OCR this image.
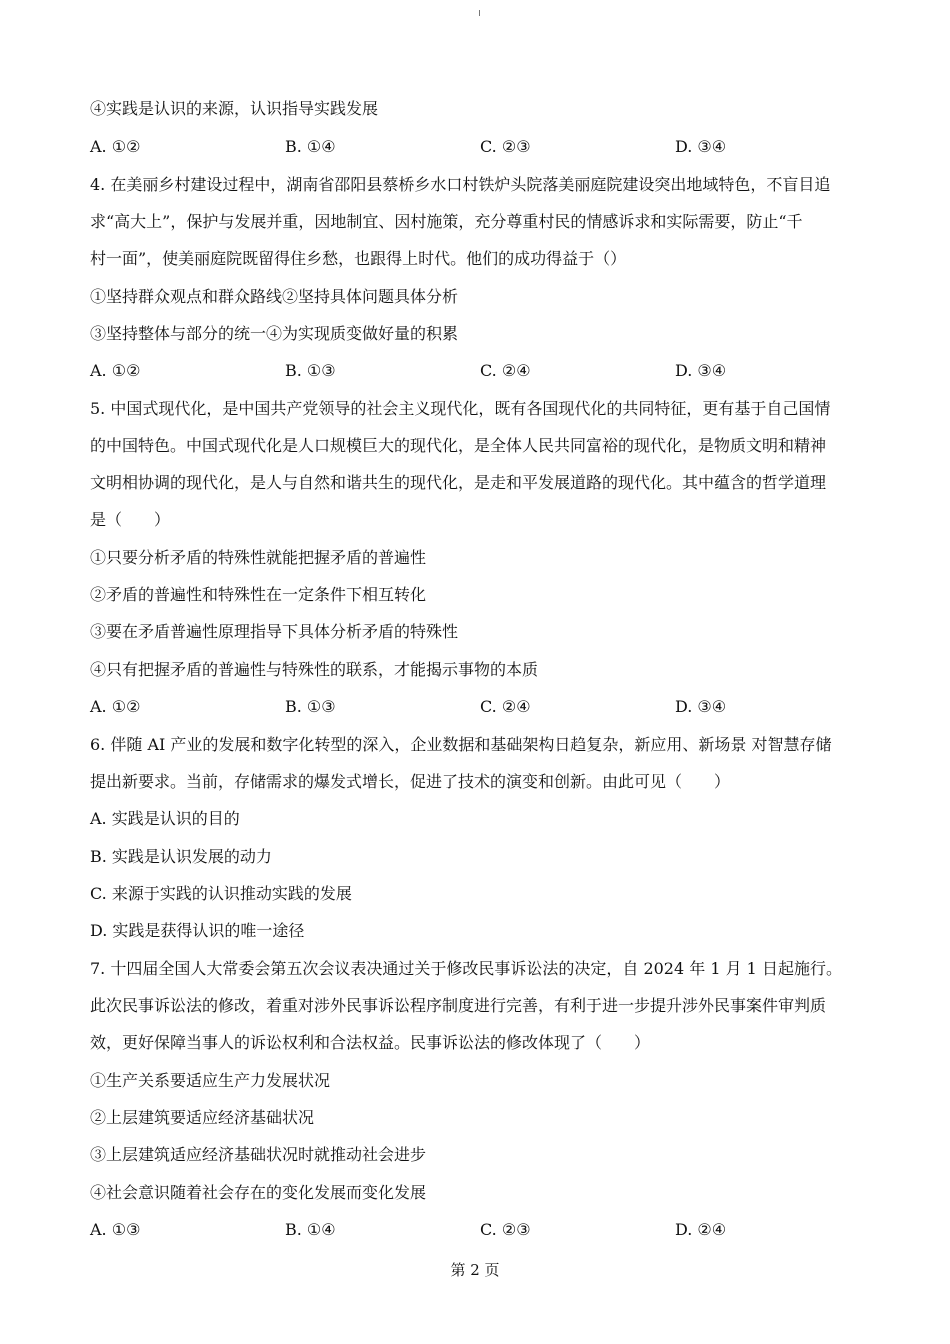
④实践是认识的来源，认识指导实践发展
A. ①②	B. ①④	C. ②③	D. ③④
4. 在美丽乡村建设过程中，湖南省邵阳县蔡桥乡水口村铁炉头院落美丽庭院建设突出地域特色，不盲目追
求“高大上”，保护与发展并重，因地制宜、因村施策，充分尊重村民的情感诉求和实际需要，防止“千
村一面”，使美丽庭院既留得住乡愁，也跟得上时代。他们的成功得益于（）
①坚持群众观点和群众路线②坚持具体问题具体分析
③坚持整体与部分的统一④为实现质变做好量的积累
A. ①②	B. ①③	C. ②④	D. ③④
5. 中国式现代化，是中国共产党领导的社会主义现代化，既有各国现代化的共同特征，更有基于自己国情
的中国特色。中国式现代化是人口规模巨大的现代化，是全体人民共同富裕的现代化，是物质文明和精神
文明相协调的现代化，是人与自然和谐共生的现代化，是走和平发展道路的现代化。其中蕴含的哲学道理
是（　　）
①只要分析矛盾的特殊性就能把握矛盾的普遍性
②矛盾的普遍性和特殊性在一定条件下相互转化
③要在矛盾普遍性原理指导下具体分析矛盾的特殊性
④只有把握矛盾的普遍性与特殊性的联系，才能揭示事物的本质
A. ①②	B. ①③	C. ②④	D. ③④
6. 伴随 AI 产业的发展和数字化转型的深入，企业数据和基础架构日趋复杂，新应用、新场景 对智慧存储
提出新要求。当前，存储需求的爆发式增长，促进了技术的演变和创新。由此可见（　　）
A. 实践是认识的目的
B. 实践是认识发展的动力
C. 来源于实践的认识推动实践的发展
D. 实践是获得认识的唯一途径
7. 十四届全国人大常委会第五次会议表决通过关于修改民事诉讼法的决定，自 2024 年 1 月 1 日起施行。
此次民事诉讼法的修改，着重对涉外民事诉讼程序制度进行完善，有利于进一步提升涉外民事案件审判质
效，更好保障当事人的诉讼权利和合法权益。民事诉讼法的修改体现了（　　）
①生产关系要适应生产力发展状况
②上层建筑要适应经济基础状况
③上层建筑适应经济基础状况时就推动社会进步
④社会意识随着社会存在的变化发展而变化发展
A. ①③	B. ①④	C. ②③	D. ②④
第 2 页
